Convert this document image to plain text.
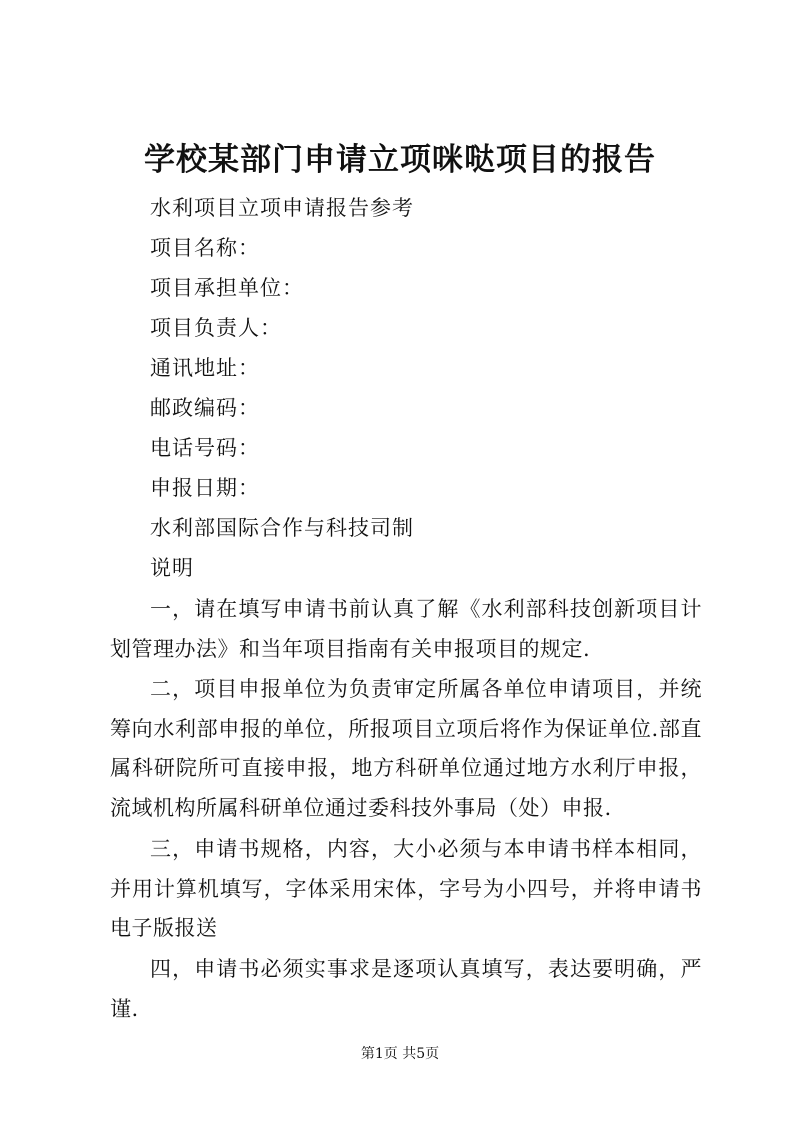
学校某部门申请立项咪哒项目的报告
水利项目立项申请报告参考
项目名称：
项目承担单位：
项目负责人：
通讯地址：
邮政编码：
电话号码：
申报日期：
水利部国际合作与科技司制
说明
一，请在填写申请书前认真了解《水利部科技创新项目计划管理办法》和当年项目指南有关申报项目的规定.
二，项目申报单位为负责审定所属各单位申请项目，并统筹向水利部申报的单位，所报项目立项后将作为保证单位.部直属科研院所可直接申报，地方科研单位通过地方水利厅申报，流域机构所属科研单位通过委科技外事局（处）申报.
三，申请书规格，内容，大小必须与本申请书样本相同，并用计算机填写，字体采用宋体，字号为小四号，并将申请书电子版报送
四，申请书必须实事求是逐项认真填写，表达要明确，严谨.
第1页 共5页
